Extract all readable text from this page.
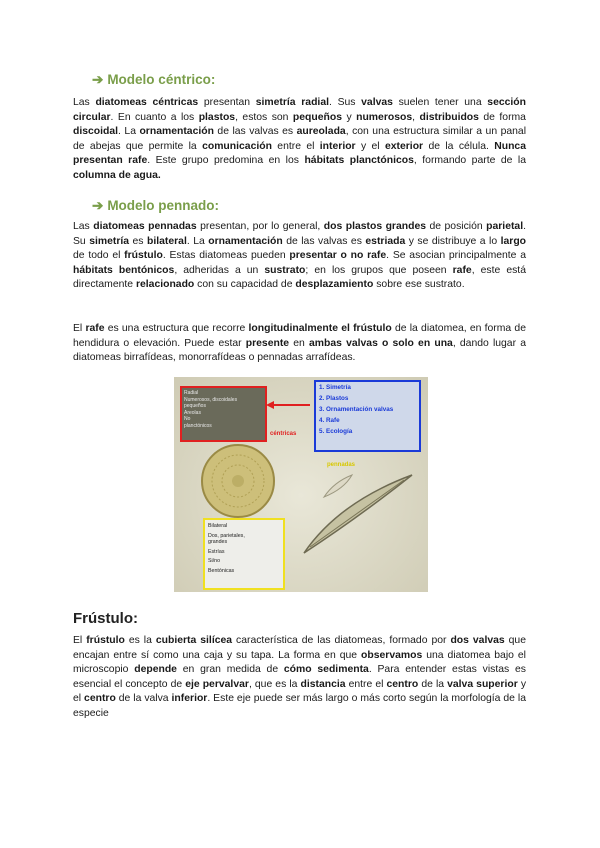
➔ Modelo céntrico:
Las diatomeas céntricas presentan simetría radial. Sus valvas suelen tener una sección circular. En cuanto a los plastos, estos son pequeños y numerosos, distribuidos de forma discoidal. La ornamentación de las valvas es aureolada, con una estructura similar a un panal de abejas que permite la comunicación entre el interior y el exterior de la célula. Nunca presentan rafe. Este grupo predomina en los hábitats planctónicos, formando parte de la columna de agua.
➔ Modelo pennado:
Las diatomeas pennadas presentan, por lo general, dos plastos grandes de posición parietal. Su simetría es bilateral. La ornamentación de las valvas es estriada y se distribuye a lo largo de todo el frústulo. Estas diatomeas pueden presentar o no rafe. Se asocian principalmente a hábitats bentónicos, adheridas a un sustrato; en los grupos que poseen rafe, este está directamente relacionado con su capacidad de desplazamiento sobre ese sustrato.
El rafe es una estructura que recorre longitudinalmente el frústulo de la diatomea, en forma de hendidura o elevación. Puede estar presente en ambas valvas o solo en una, dando lugar a diatomeas birrafídeas, monorrafídeas o pennadas arrafídeas.
Radial
Numerosos, discoidales
pequeños
Areolas
No
planctónicos
céntricas
1. Simetría
2. Plastos
3. Ornamentación valvas
4. Rafe
5. Ecología
pennadas
Bilateral
Dos, parietales,
grandes
Estrías
Si/no
Bentónicas
Frústulo:
El frústulo es la cubierta silícea característica de las diatomeas, formado por dos valvas que encajan entre sí como una caja y su tapa. La forma en que observamos una diatomea bajo el microscopio depende en gran medida de cómo sedimenta. Para entender estas vistas es esencial el concepto de eje pervalvar, que es la distancia entre el centro de la valva superior y el centro de la valva inferior. Este eje puede ser más largo o más corto según la morfología de la especie
